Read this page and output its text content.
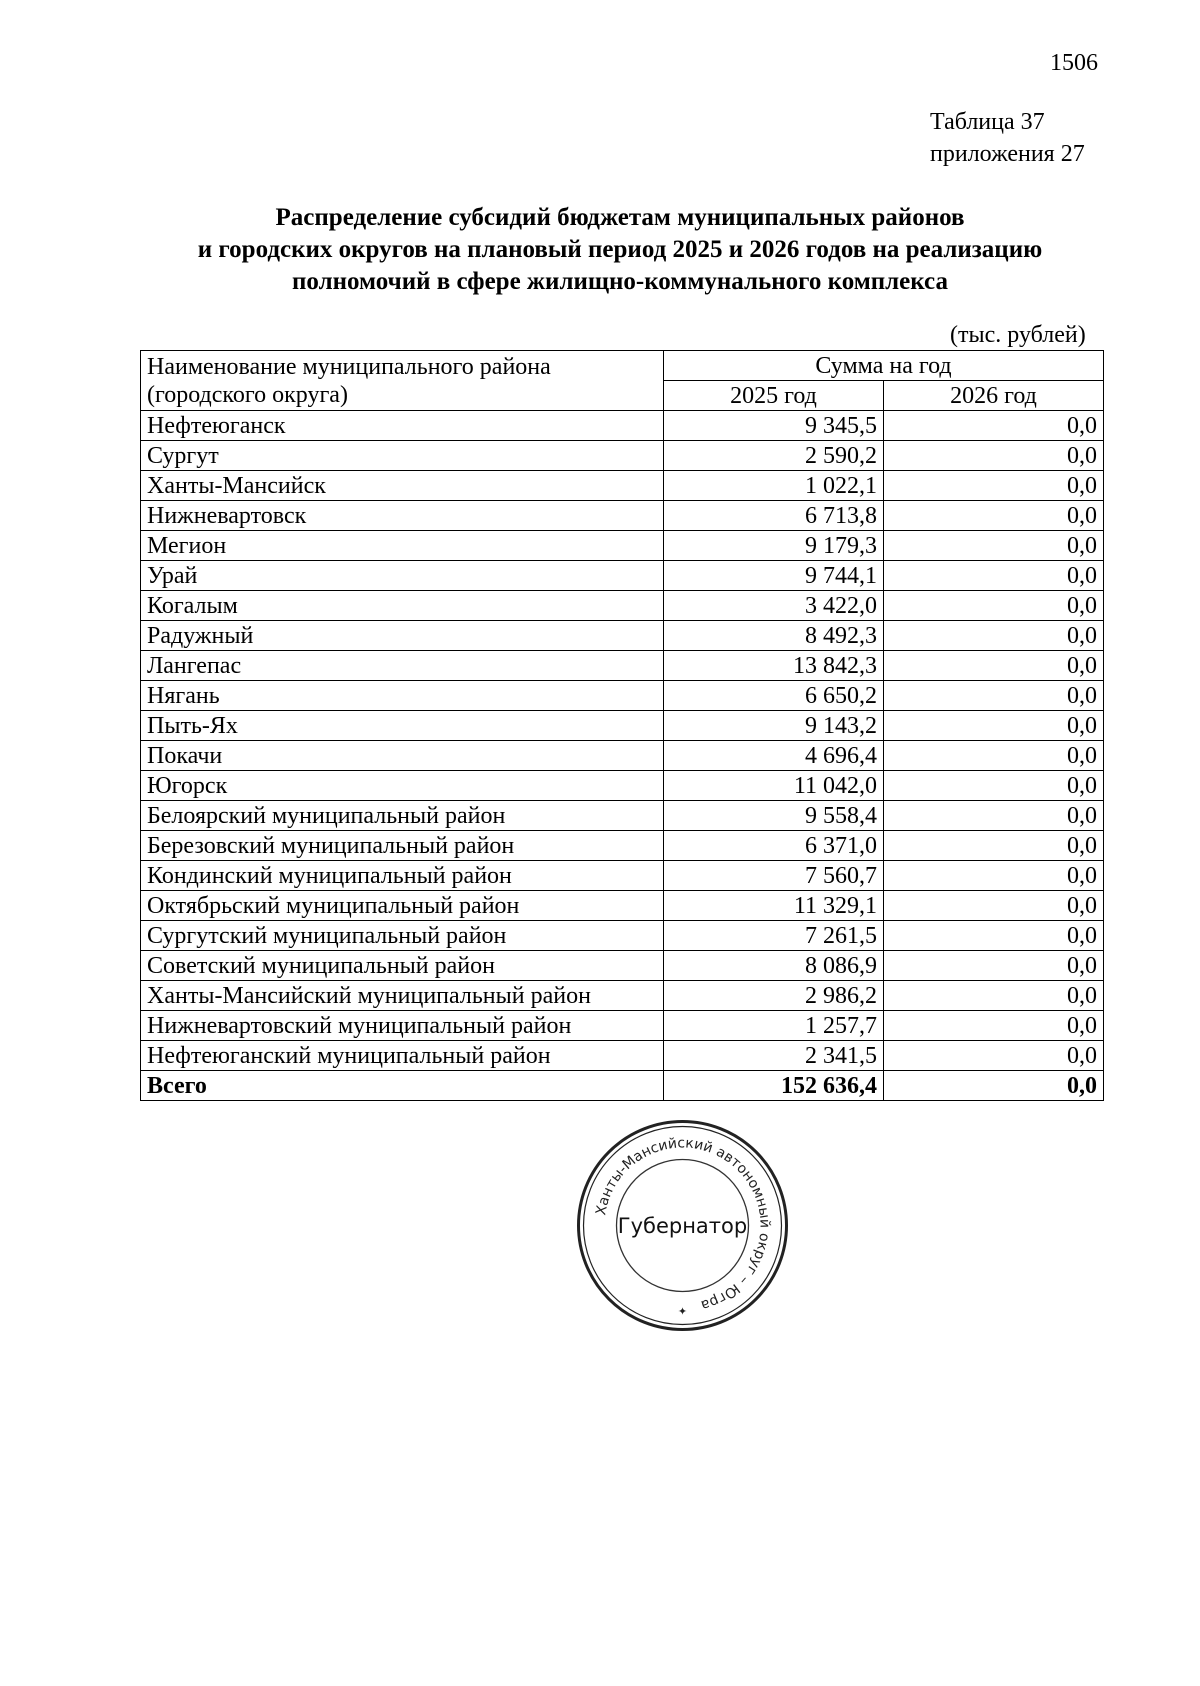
1506
Таблица 37
приложения 27
Распределение субсидий бюджетам муниципальных районов
и городских округов на плановый период 2025 и 2026 годов на реализацию
полномочий в сфере жилищно-коммунального комплекса
(тыс. рублей)
Наименование муниципального района
(городского округа)	Сумма на год	
	2025 год	2026 год
Нефтеюганск	9 345,5	0,0
Сургут	2 590,2	0,0
Ханты-Мансийск	1 022,1	0,0
Нижневартовск	6 713,8	0,0
Мегион	9 179,3	0,0
Урай	9 744,1	0,0
Когалым	3 422,0	0,0
Радужный	8 492,3	0,0
Лангепас	13 842,3	0,0
Нягань	6 650,2	0,0
Пыть-Ях	9 143,2	0,0
Покачи	4 696,4	0,0
Югорск	11 042,0	0,0
Белоярский муниципальный район	9 558,4	0,0
Березовский муниципальный район	6 371,0	0,0
Кондинский муниципальный район	7 560,7	0,0
Октябрьский муниципальный район	11 329,1	0,0
Сургутский муниципальный район	7 261,5	0,0
Советский муниципальный район	8 086,9	0,0
Ханты-Мансийский муниципальный район	2 986,2	0,0
Нижневартовский муниципальный район	1 257,7	0,0
Нефтеюганский муниципальный район	2 341,5	0,0
Всего	152 636,4	0,0
Ханты-Мансийский автономный округ – Югра
Губернатор
✦
